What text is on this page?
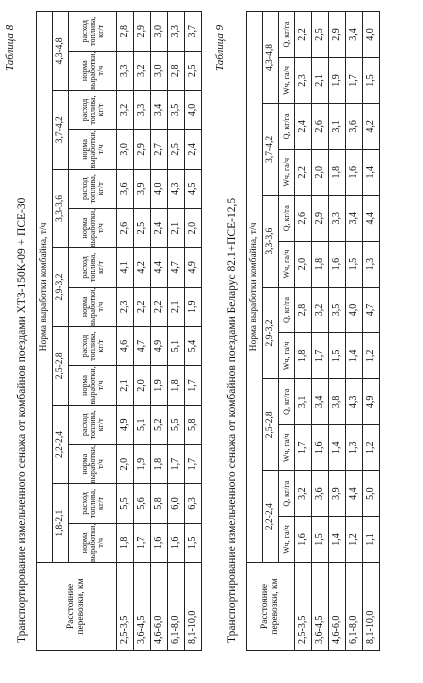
Таблица 8
Транспортирование измельченного сенажа от комбайнов поездами ХТЗ-150К-09 + ПСЕ-30	Расстояние перевозки, км	Норма выработки комбайна, т/ч													
	1,8-2,1		2,2-2,4		2,5-2,8		2,9-3,2		3,3-3,6		3,7-4,2		4,3-4,8	
	норма выработки, т/ч	расход топлива, кг/т	норма выработки, т/ч	расход топлива, кг/т	норма выработки, т/ч	расход топлива, кг/т	норма выработки, т/ч	расход топлива, кг/т	норма выработки, т/ч	расход топлива, кг/т	норма выработки, т/ч	расход топлива, кг/т	норма выработки, т/ч	расход топлива, кг/т
2,5-3,5	1,8	5,5	2,0	4,9	2,1	4,6	2,3	4,1	2,6	3,6	3,0	3,2	3,3	2,8
3,6-4,5	1,7	5,6	1,9	5,1	2,0	4,7	2,2	4,2	2,5	3,9	2,9	3,3	3,2	2,9
4,6-6,0	1,6	5,8	1,8	5,2	1,9	4,9	2,2	4,4	2,4	4,0	2,7	3,4	3,0	3,0
6,1-8,0	1,6	6,0	1,7	5,5	1,8	5,1	2,1	4,7	2,1	4,3	2,5	3,5	2,8	3,3
8,1-10,0	1,5	6,3	1,7	5,8	1,7	5,4	1,9	4,9	2,0	4,5	2,4	4,0	2,5	3,7 Таблица 9
Транспортирование измельченного сенажа от комбайнов поездами Беларус 82.1+ПСЕ-12,5 Расстояние перевозки, км	Норма выработки комбайна, т/ч											
	2,2-2,4		2,5-2,8		2,9-3,2		3,3-3,6		3,7-4,2		4,3-4,8	
	Wч, га/ч	Q, кг/га	Wч, га/ч	Q, кг/га	Wч, га/ч	Q, кг/га	Wч, га/ч	Q, кг/га	Wч, га/ч	Q, кг/га	Wч, га/ч	Q, кг/га
2,5-3,5	1,6	3,2	1,7	3,1	1,8	2,8	2,0	2,6	2,2	2,4	2,3	2,2
3,6-4,5	1,5	3,6	1,6	3,4	1,7	3,2	1,8	2,9	2,0	2,6	2,1	2,5
4,6-6,0	1,4	3,9	1,4	3,8	1,5	3,5	1,6	3,3	1,8	3,1	1,9	2,9
6,1-8,0	1,2	4,4	1,3	4,3	1,4	4,0	1,5	3,4	1,6	3,6	1,7	3,4
8,1-10,0	1,1	5,0	1,2	4,9	1,2	4,7	1,3	4,4	1,4	4,2	1,5	4,0
